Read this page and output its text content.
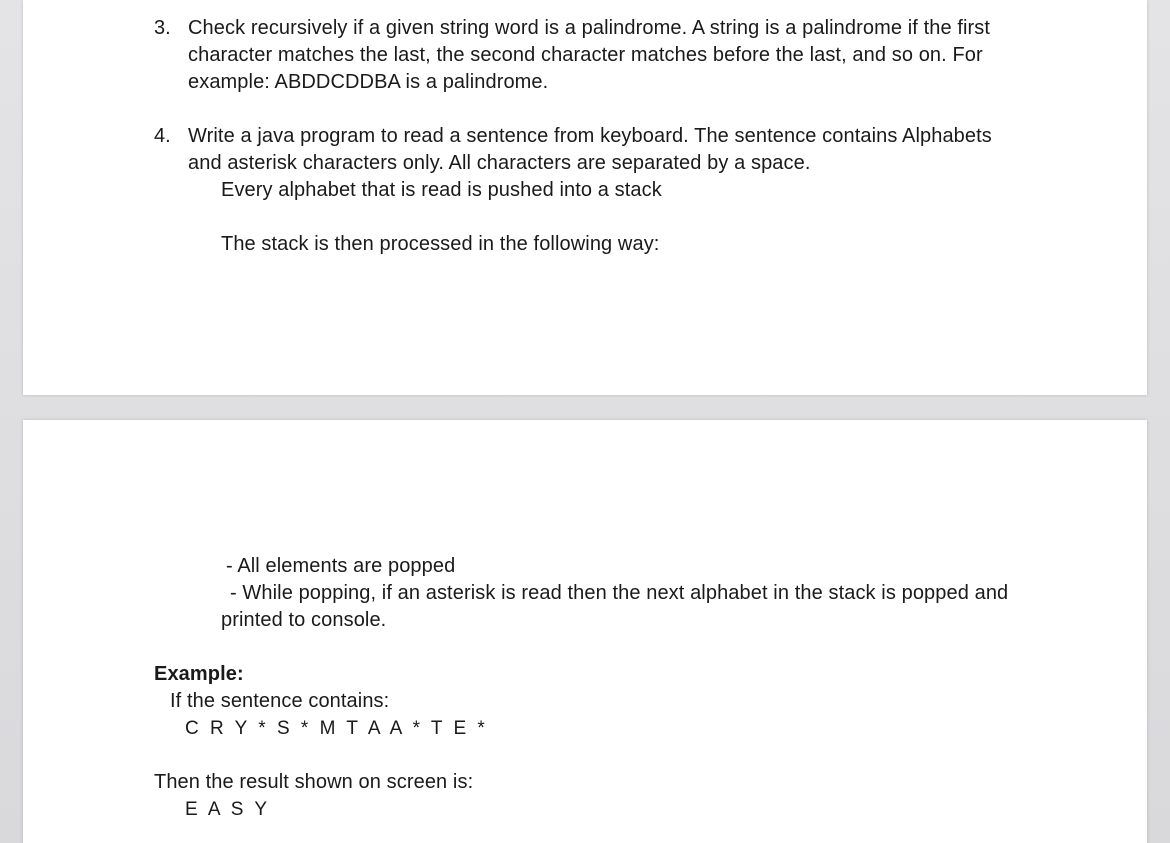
3. Check recursively if a given string word is a palindrome. A string is a palindrome if the first
character matches the last, the second character matches before the last, and so on. For
example: ABDDCDDBA is a palindrome.
4. Write a java program to read a sentence from keyboard. The sentence contains Alphabets
and asterisk characters only. All characters are separated by a space.
Every alphabet that is read is pushed into a stack
The stack is then processed in the following way:
- All elements are popped
- While popping, if an asterisk is read then the next alphabet in the stack is popped and
printed to console.
Example:
If the sentence contains:
C R Y * S * M T A A * T E *
Then the result shown on screen is:
E A S Y
